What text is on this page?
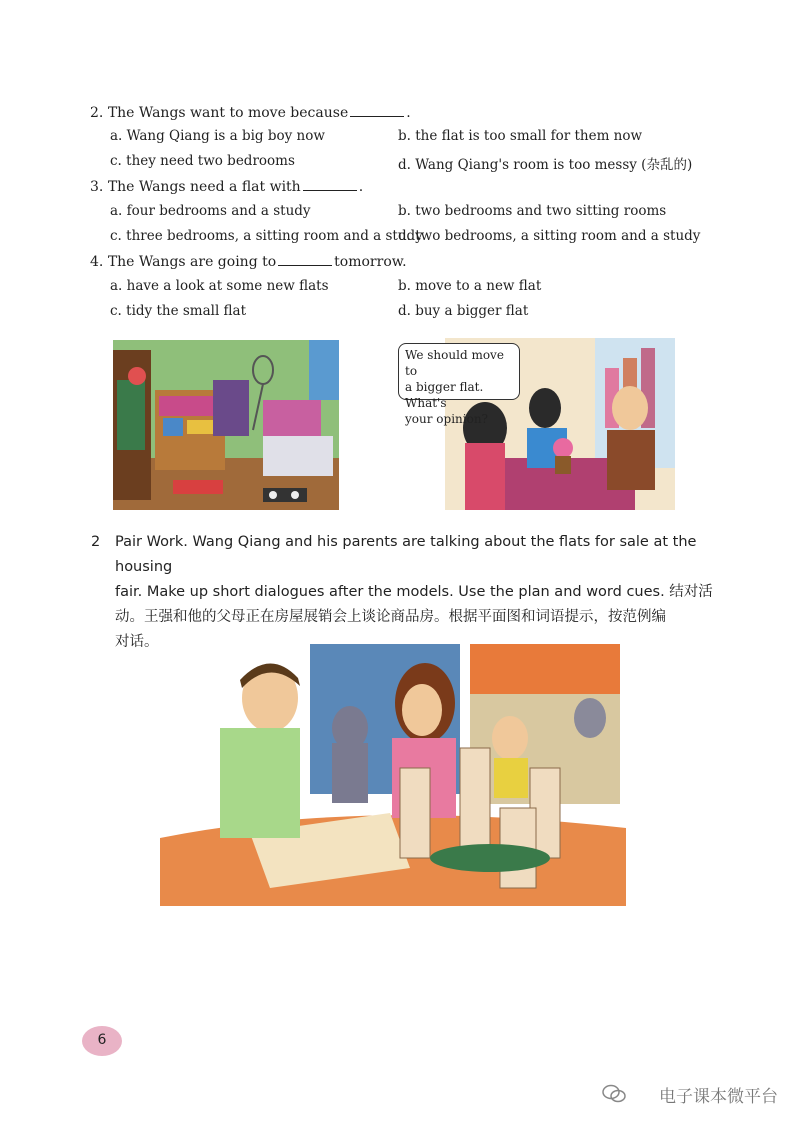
2. The Wangs want to move because	.
a. Wang Qiang is a big boy now	b. the flat is too small for them now
c. they need two bedrooms	d. Wang Qiang's room is too messy (杂乱的)
3. The Wangs need a flat with	.
a. four bedrooms and a study	b. two bedrooms and two sitting rooms
c. three bedrooms, a sitting room and a study
d. two bedrooms, a sitting room and a study
4. The Wangs are going to	tomorrow.
a. have a look at some new flats	b. move to a new flat
c. tidy the small flat	d. buy a bigger flat
We should move to
a bigger flat. What's
your opinion?
2 Pair Work. Wang Qiang and his parents are talking about the flats for sale at the housing
fair. Make up short dialogues after the models. Use the plan and word cues. 结对活
动。王强和他的父母正在房屋展销会上谈论商品房。根据平面图和词语提示，按范例编
对话。
6
电子课本微平台
